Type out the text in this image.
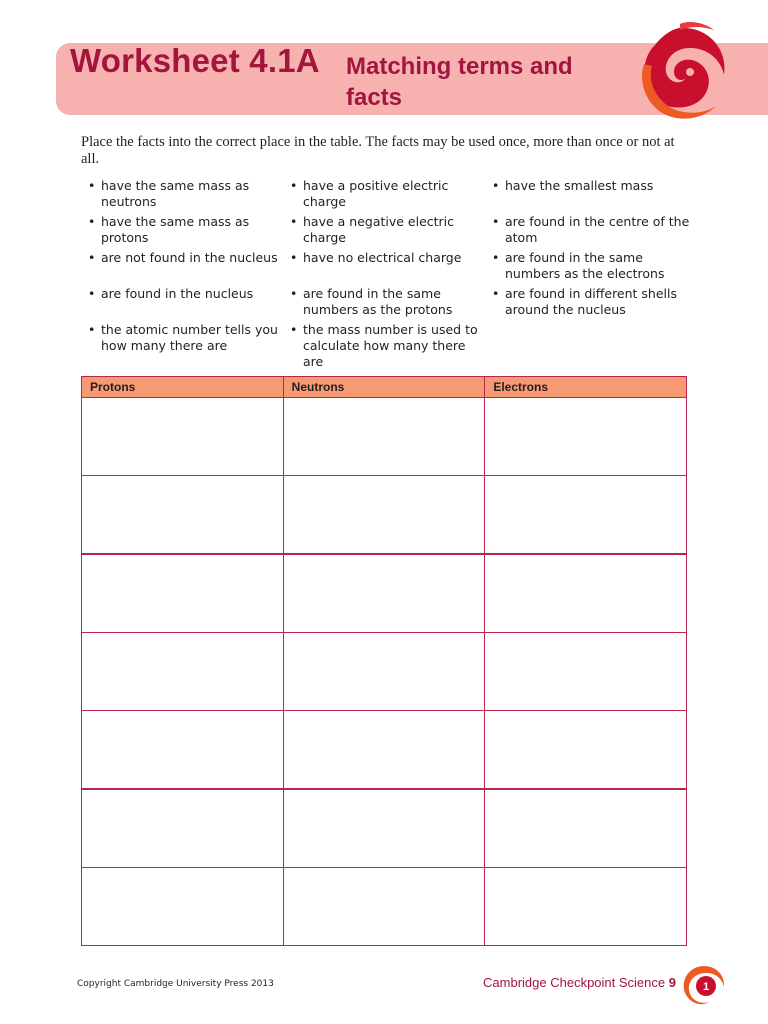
Worksheet 4.1A Matching terms and facts

Place the facts into the correct place in the table. The facts may be used once, more than once or not at all.

• have the same mass as neutrons
• have a positive electric charge
• have the smallest mass
• have the same mass as protons
• have a negative electric charge
• are found in the centre of the atom
• are not found in the nucleus • have no electrical charge	• are found in the same numbers as the electrons
• are found in the nucleus	• are found in the same numbers as the protons
• are found in different shells around the nucleus
• the atomic number tells you how many there are
• the mass number is used to calculate how many there are
Protons	Neutrons	Electrons

Copyright Cambridge University Press 2013	Cambridge Checkpoint Science 9 1
